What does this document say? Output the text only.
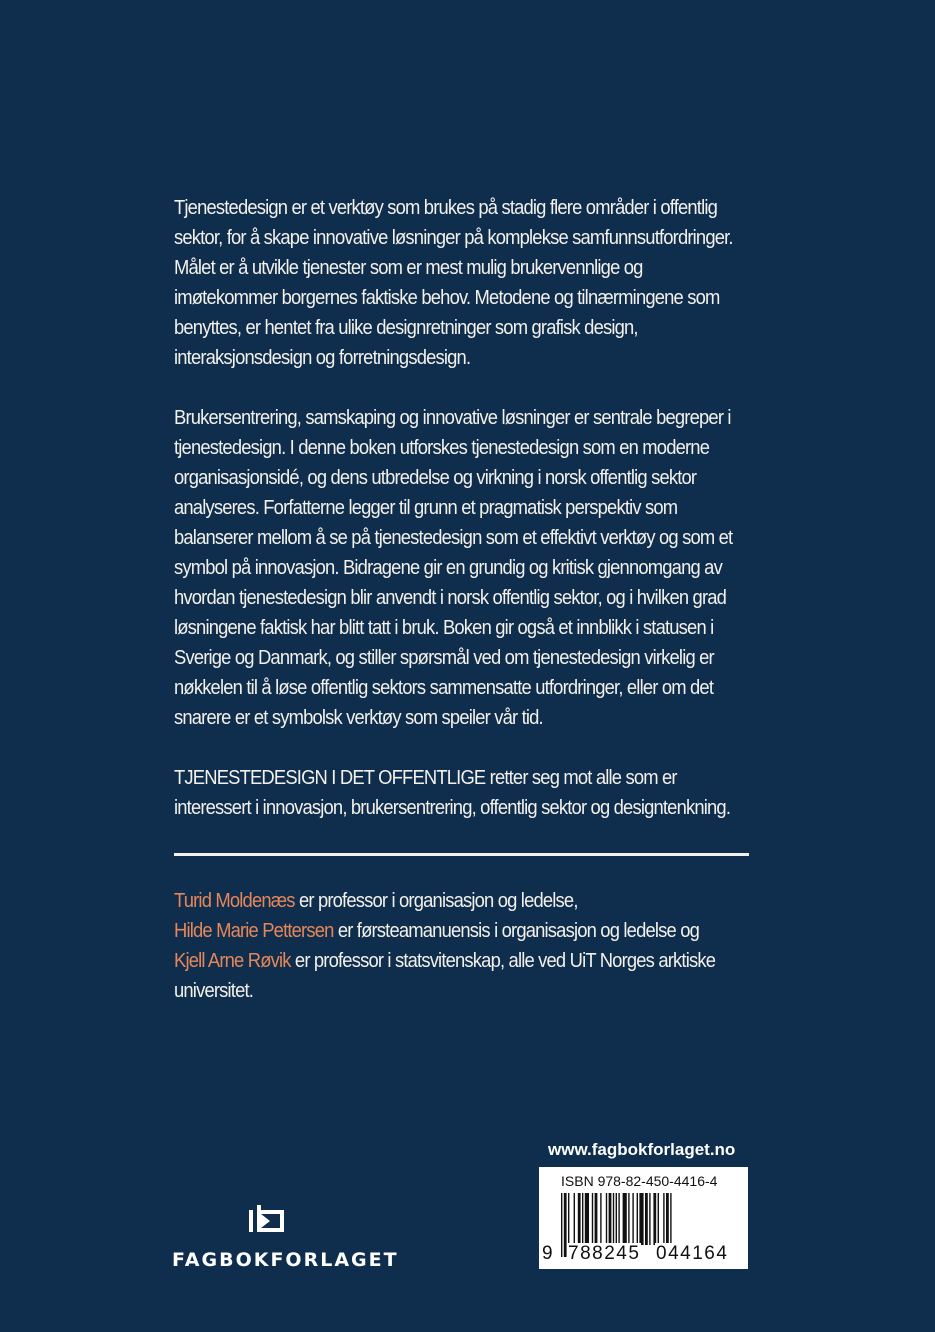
Tjenestedesign er et verktøy som brukes på stadig flere områder i offentlig sektor, for å skape innovative løsninger på komplekse samfunnsutfordringer. Målet er å utvikle tjenester som er mest mulig brukervennlige og imøtekommer borgernes faktiske behov. Metodene og tilnærmingene som benyttes, er hentet fra ulike designretninger som grafisk design, interaksjonsdesign og forretningsdesign.

Brukersentrering, samskaping og innovative løsninger er sentrale begreper i tjenestedesign. I denne boken utforskes tjenestedesign som en moderne organisasjonsidé, og dens utbredelse og virkning i norsk offentlig sektor analyseres. Forfatterne legger til grunn et pragmatisk perspektiv som balanserer mellom å se på tjenestedesign som et effektivt verktøy og som et symbol på innovasjon. Bidragene gir en grundig og kritisk gjennomgang av hvordan tjenestedesign blir anvendt i norsk offentlig sektor, og i hvilken grad løsningene faktisk har blitt tatt i bruk. Boken gir også et innblikk i statusen i Sverige og Danmark, og stiller spørsmål ved om tjenestedesign virkelig er nøkkelen til å løse offentlig sektors sammensatte utfordringer, eller om det snarere er et symbolsk verktøy som speiler vår tid.

TJENESTEDESIGN I DET OFFENTLIGE retter seg mot alle som er interessert i innovasjon, brukersentrering, offentlig sektor og designtenkning.

Turid Moldenæs er professor i organisasjon og ledelse,
Hilde Marie Pettersen er førsteamanuensis i organisasjon og ledelse og
Kjell Arne Røvik er professor i statsvitenskap, alle ved UiT Norges arktiske universitet.

www.fagbokforlaget.no
ISBN 978-82-450-4416-4
9 788245 044164
FAGBOKFORLAGET
